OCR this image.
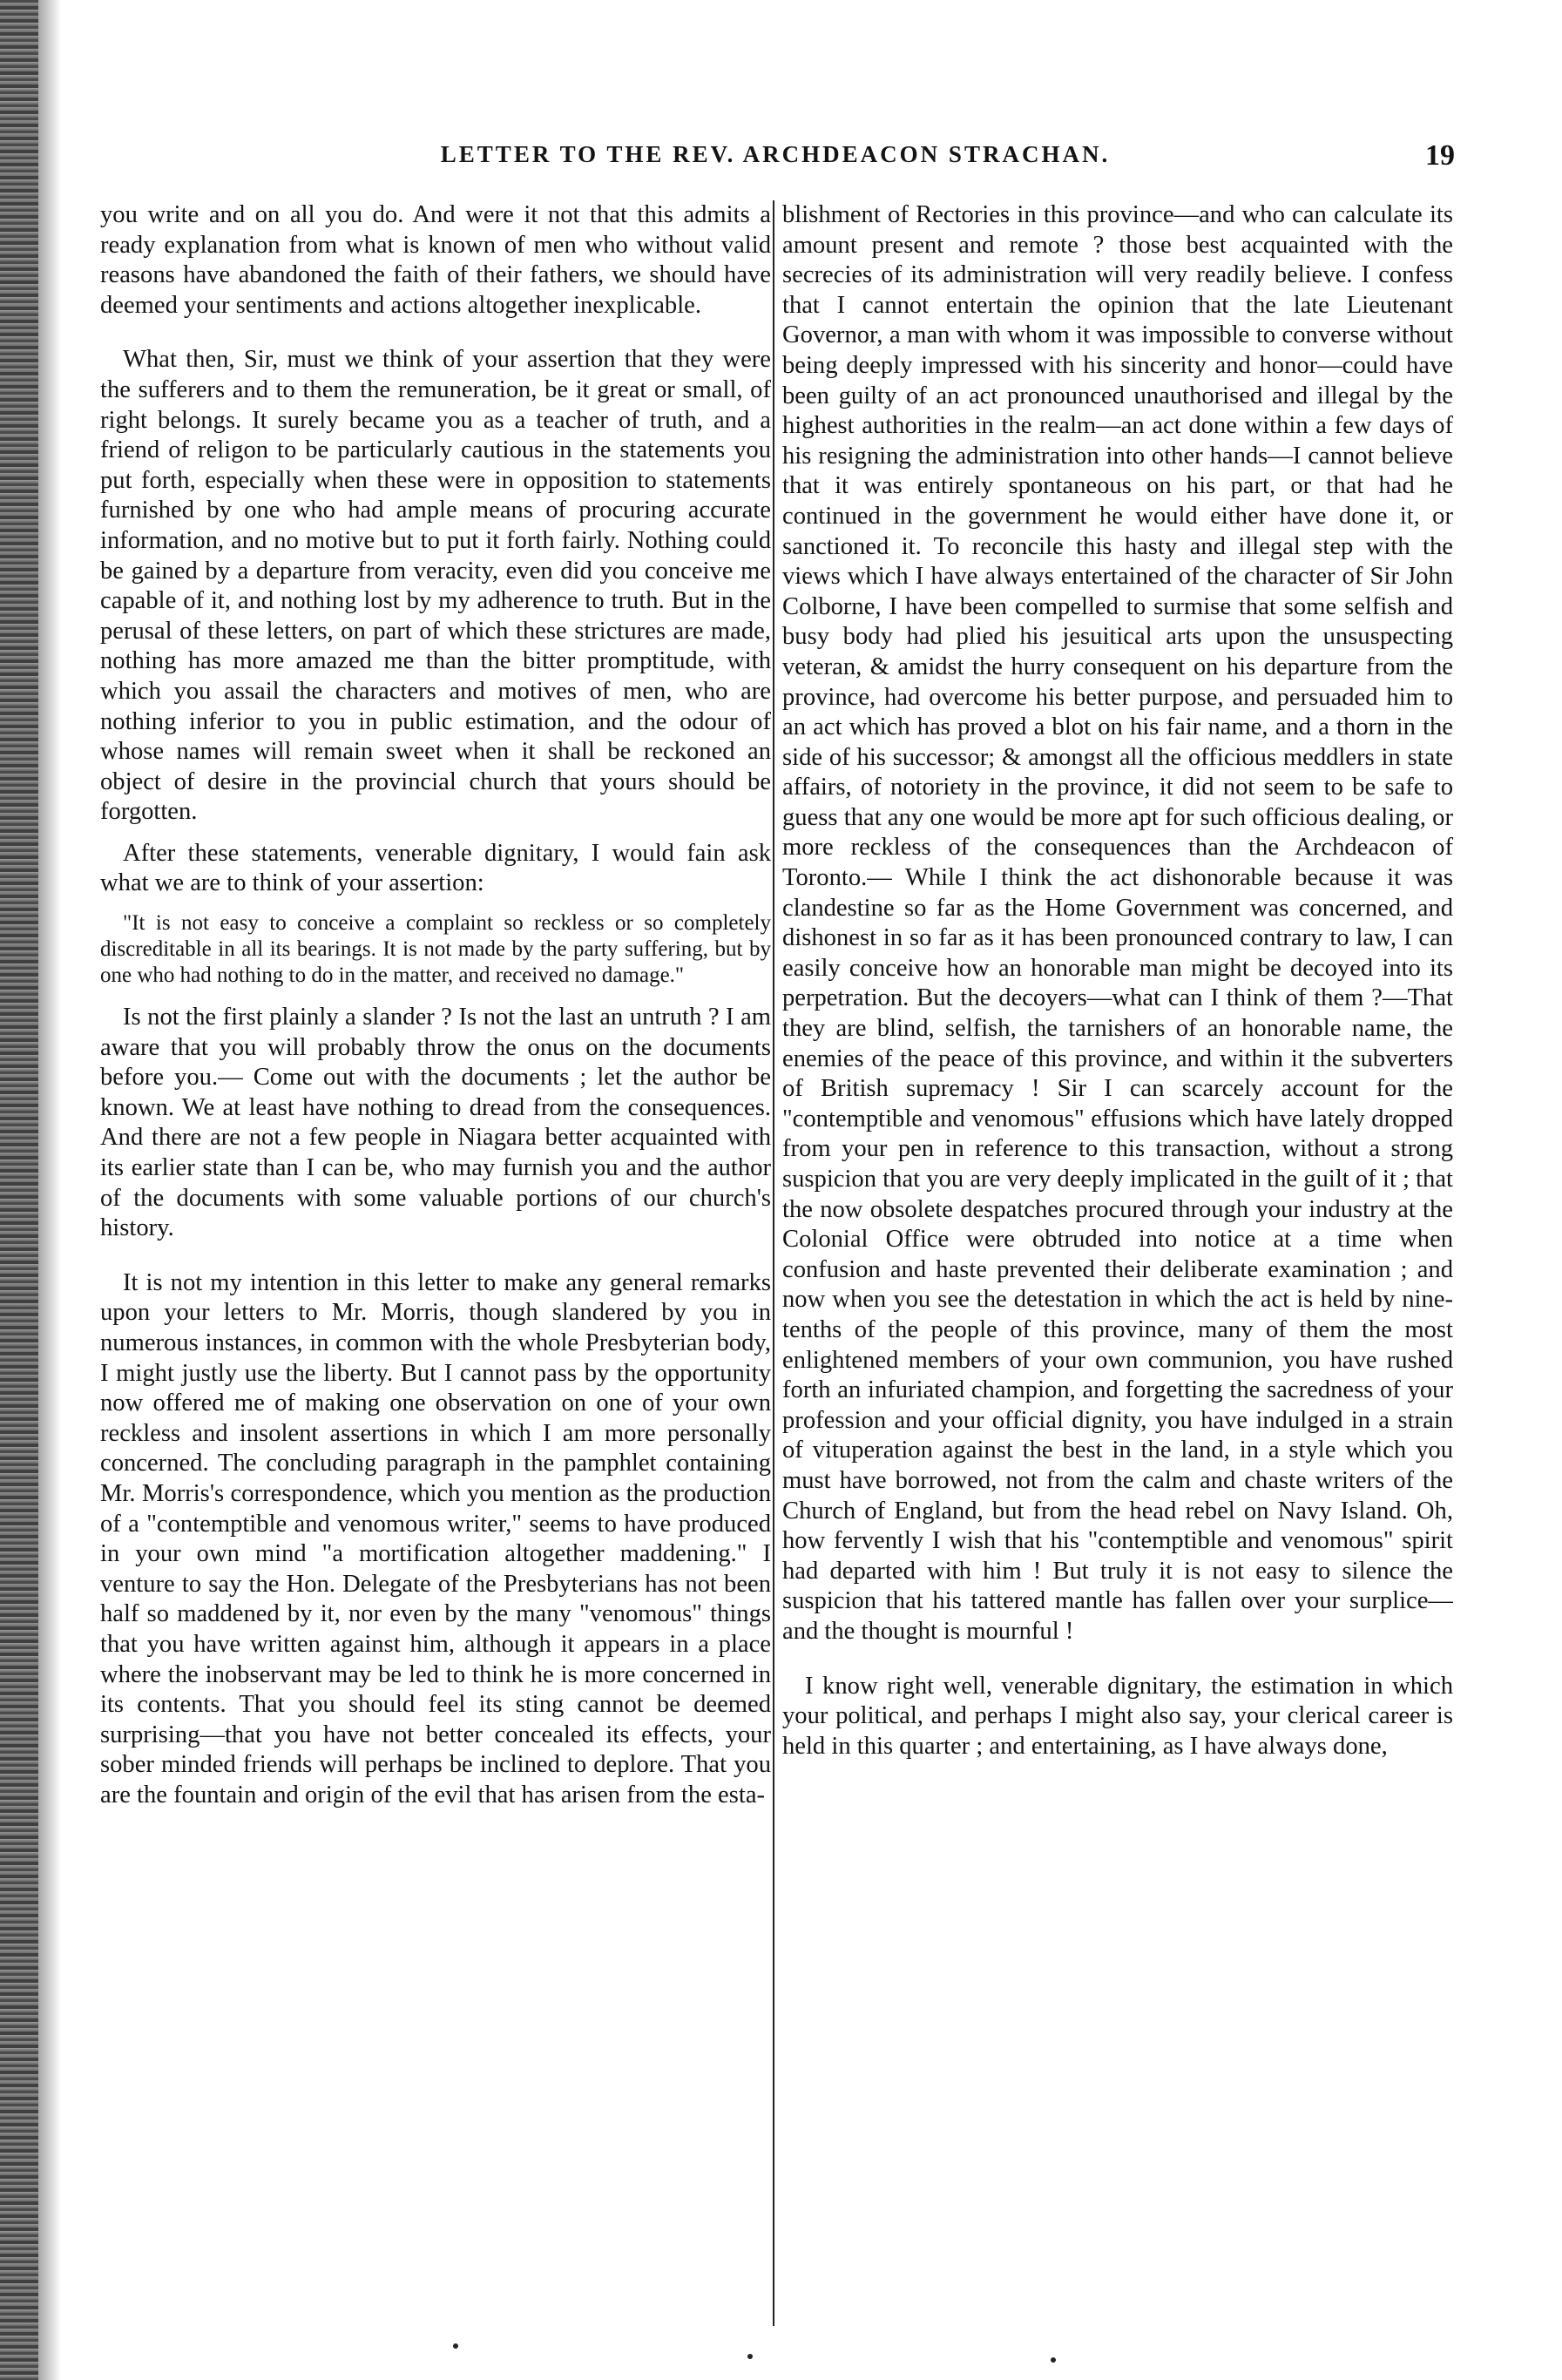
LETTER TO THE REV. ARCHDEACON STRACHAN.	19

you write and on all you do. And were it not that this admits a ready explanation from what is known of men who without valid reasons have abandoned the faith of their fathers, we should have deemed your sentiments and actions altogether inexplicable.

What then, Sir, must we think of your assertion that they were the sufferers and to them the remuneration, be it great or small, of right belongs. It surely became you as a teacher of truth, and a friend of religon to be particularly cautious in the statements you put forth, especially when these were in opposition to statements furnished by one who had ample means of procuring accurate information, and no motive but to put it forth fairly. Nothing could be gained by a departure from veracity, even did you conceive me capable of it, and nothing lost by my adherence to truth. But in the perusal of these letters, on part of which these strictures are made, nothing has more amazed me than the bitter promptitude, with which you assail the characters and motives of men, who are nothing inferior to you in public estimation, and the odour of whose names will remain sweet when it shall be reckoned an object of desire in the provincial church that yours should be forgotten.

After these statements, venerable dignitary, I would fain ask what we are to think of your assertion:

"It is not easy to conceive a complaint so reckless or so completely discreditable in all its bearings. It is not made by the party suffering, but by one who had nothing to do in the matter, and received no damage."

Is not the first plainly a slander ? Is not the last an untruth ? I am aware that you will probably throw the onus on the documents before you.— Come out with the documents ; let the author be known. We at least have nothing to dread from the consequences. And there are not a few people in Niagara better acquainted with its earlier state than I can be, who may furnish you and the author of the documents with some valuable portions of our church's history.

It is not my intention in this letter to make any general remarks upon your letters to Mr. Morris, though slandered by you in numerous instances, in common with the whole Presbyterian body, I might justly use the liberty. But I cannot pass by the opportunity now offered me of making one observation on one of your own reckless and insolent assertions in which I am more personally concerned. The concluding paragraph in the pamphlet containing Mr. Morris's correspondence, which you mention as the production of a "contemptible and venomous writer," seems to have produced in your own mind "a mortification altogether maddening." I venture to say the Hon. Delegate of the Presbyterians has not been half so maddened by it, nor even by the many "venomous" things that you have written against him, although it appears in a place where the inobservant may be led to think he is more concerned in its contents. That you should feel its sting cannot be deemed surprising—that you have not better concealed its effects, your sober minded friends will perhaps be inclined to deplore. That you are the fountain and origin of the evil that has arisen from the esta-

blishment of Rectories in this province—and who can calculate its amount present and remote ? those best acquainted with the secrecies of its administration will very readily believe. I confess that I cannot entertain the opinion that the late Lieutenant Governor, a man with whom it was impossible to converse without being deeply impressed with his sincerity and honor—could have been guilty of an act pronounced unauthorised and illegal by the highest authorities in the realm—an act done within a few days of his resigning the administration into other hands—I cannot believe that it was entirely spontaneous on his part, or that had he continued in the government he would either have done it, or sanctioned it. To reconcile this hasty and illegal step with the views which I have always entertained of the character of Sir John Colborne, I have been compelled to surmise that some selfish and busy body had plied his jesuitical arts upon the unsuspecting veteran, & amidst the hurry consequent on his departure from the province, had overcome his better purpose, and persuaded him to an act which has proved a blot on his fair name, and a thorn in the side of his successor; & amongst all the officious meddlers in state affairs, of notoriety in the province, it did not seem to be safe to guess that any one would be more apt for such officious dealing, or more reckless of the consequences than the Archdeacon of Toronto.— While I think the act dishonorable because it was clandestine so far as the Home Government was concerned, and dishonest in so far as it has been pronounced contrary to law, I can easily conceive how an honorable man might be decoyed into its perpetration. But the decoyers—what can I think of them ?—That they are blind, selfish, the tarnishers of an honorable name, the enemies of the peace of this province, and within it the subverters of British supremacy ! Sir I can scarcely account for the "contemptible and venomous" effusions which have lately dropped from your pen in reference to this transaction, without a strong suspicion that you are very deeply implicated in the guilt of it ; that the now obsolete despatches procured through your industry at the Colonial Office were obtruded into notice at a time when confusion and haste prevented their deliberate examination ; and now when you see the detestation in which the act is held by nine-tenths of the people of this province, many of them the most enlightened members of your own communion, you have rushed forth an infuriated champion, and forgetting the sacredness of your profession and your official dignity, you have indulged in a strain of vituperation against the best in the land, in a style which you must have borrowed, not from the calm and chaste writers of the Church of England, but from the head rebel on Navy Island. Oh, how fervently I wish that his "contemptible and venomous" spirit had departed with him ! But truly it is not easy to silence the suspicion that his tattered mantle has fallen over your surplice—and the thought is mournful !

I know right well, venerable dignitary, the estimation in which your political, and perhaps I might also say, your clerical career is held in this quarter ; and entertaining, as I have always done,
